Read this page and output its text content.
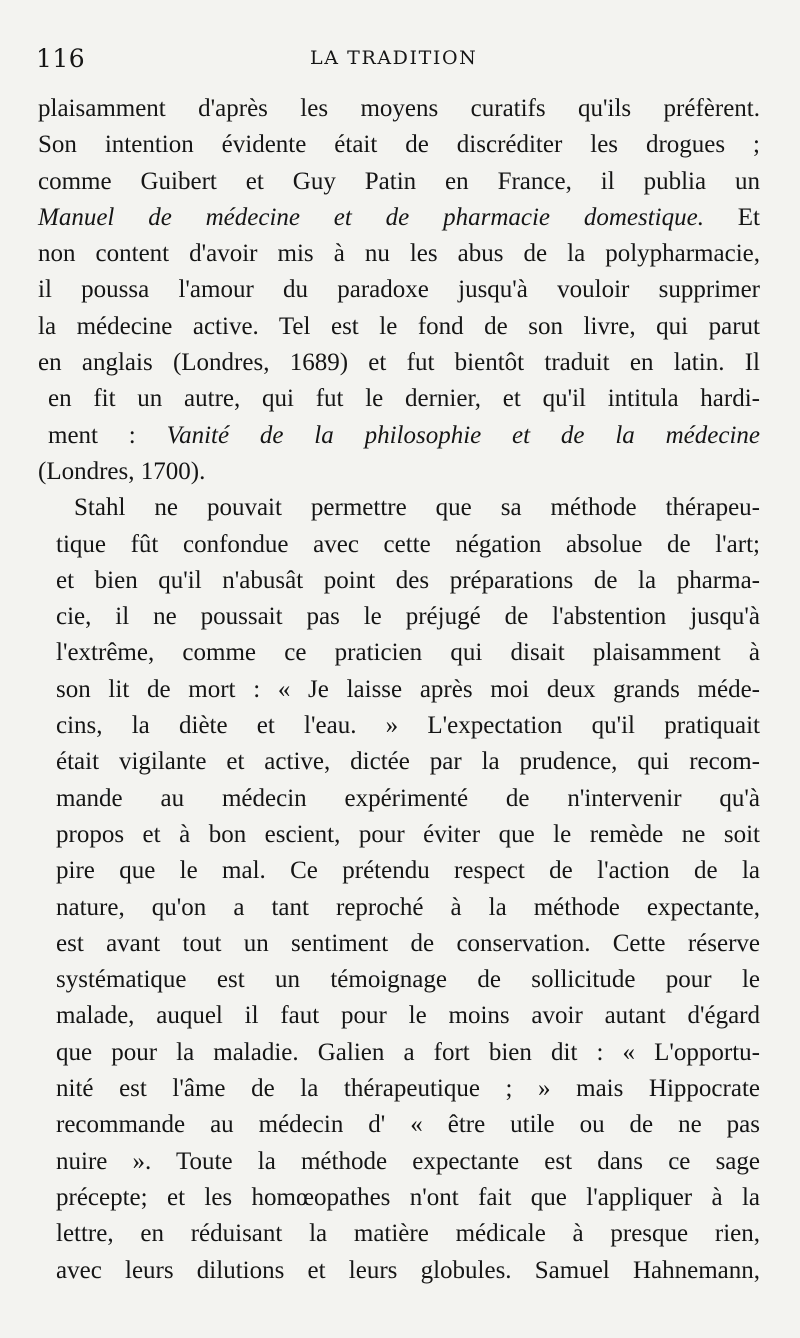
116	LA TRADITION
plaisamment d'après les moyens curatifs qu'ils préfèrent.
Son intention évidente était de discréditer les drogues ;
comme Guibert et Guy Patin en France, il publia un
Manuel de médecine et de pharmacie domestique. Et
non content d'avoir mis à nu les abus de la polypharmacie,
il poussa l'amour du paradoxe jusqu'à vouloir supprimer
la médecine active. Tel est le fond de son livre, qui parut
en anglais (Londres, 1689) et fut bientôt traduit en latin. Il
en fit un autre, qui fut le dernier, et qu'il intitula hardi-
ment : Vanité de la philosophie et de la médecine
(Londres, 1700).
Stahl ne pouvait permettre que sa méthode thérapeu-
tique fût confondue avec cette négation absolue de l'art;
et bien qu'il n'abusât point des préparations de la pharma-
cie, il ne poussait pas le préjugé de l'abstention jusqu'à
l'extrême, comme ce praticien qui disait plaisamment à
son lit de mort : « Je laisse après moi deux grands méde-
cins, la diète et l'eau. » L'expectation qu'il pratiquait
était vigilante et active, dictée par la prudence, qui recom-
mande au médecin expérimenté de n'intervenir qu'à
propos et à bon escient, pour éviter que le remède ne soit
pire que le mal. Ce prétendu respect de l'action de la
nature, qu'on a tant reproché à la méthode expectante,
est avant tout un sentiment de conservation. Cette réserve
systématique est un témoignage de sollicitude pour le
malade, auquel il faut pour le moins avoir autant d'égard
que pour la maladie. Galien a fort bien dit : « L'opportu-
nité est l'âme de la thérapeutique ; » mais Hippocrate
recommande au médecin d' « être utile ou de ne pas
nuire ». Toute la méthode expectante est dans ce sage
précepte; et les homœopathes n'ont fait que l'appliquer à la
lettre, en réduisant la matière médicale à presque rien,
avec leurs dilutions et leurs globules. Samuel Hahnemann,
